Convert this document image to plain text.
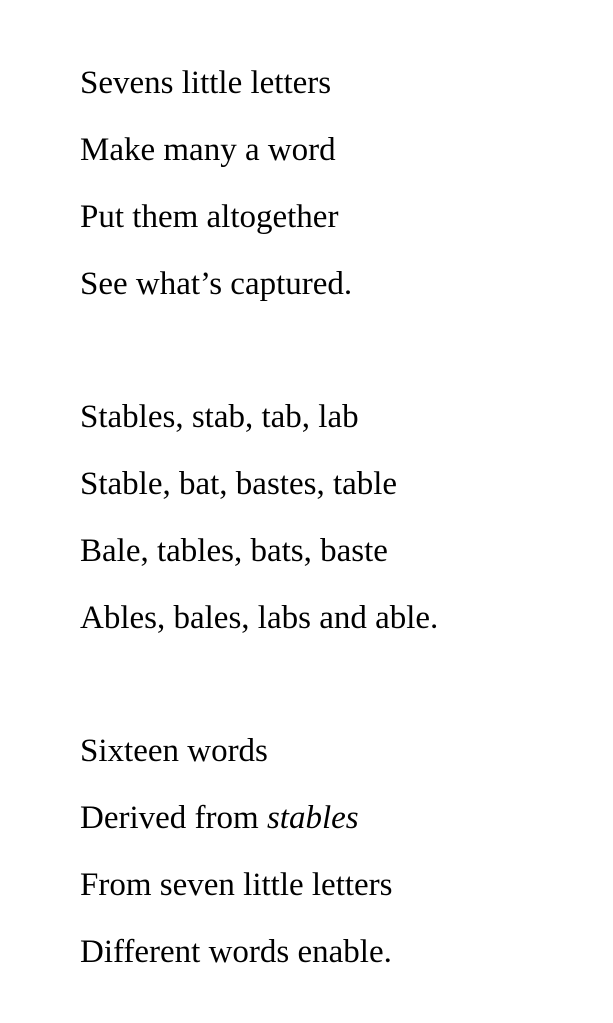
Sevens little letters
Make many a word
Put them altogether
See what’s captured.
Stables, stab, tab, lab
Stable, bat, bastes, table
Bale, tables, bats, baste
Ables, bales, labs and able.
Sixteen words
Derived from stables
From seven little letters
Different words enable.
